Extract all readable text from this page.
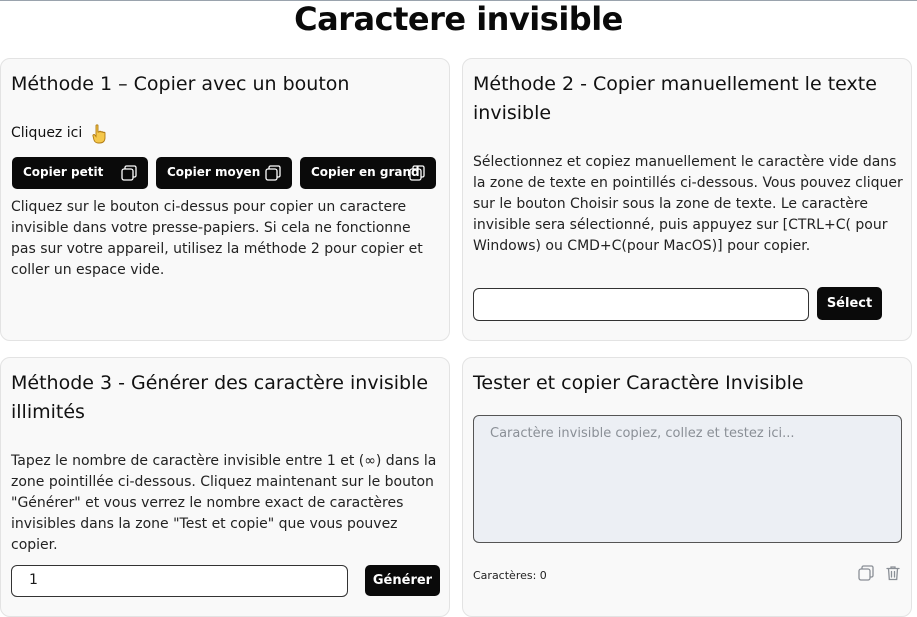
Caractere invisible
Méthode 1 – Copier avec un bouton
Cliquez ici
Copier petit	Copier moyen	Copier en grand
Cliquez sur le bouton ci-dessus pour copier un caractere invisible dans votre presse-papiers. Si cela ne fonctionne pas sur votre appareil, utilisez la méthode 2 pour copier et coller un espace vide.
Méthode 2 - Copier manuellement le texte invisible
Sélectionnez et copiez manuellement le caractère vide dans la zone de texte en pointillés ci-dessous. Vous pouvez cliquer sur le bouton Choisir sous la zone de texte. Le caractère invisible sera sélectionné, puis appuyez sur [CTRL+C( pour Windows) ou CMD+C(pour MacOS)] pour copier.
Sélect
Méthode 3 - Générer des caractère invisible illimités
Tapez le nombre de caractère invisible entre 1 et (∞) dans la zone pointillée ci-dessous. Cliquez maintenant sur le bouton "Générer" et vous verrez le nombre exact de caractères invisibles dans la zone "Test et copie" que vous pouvez copier.
1	Générer
Tester et copier Caractère Invisible
Caractère invisible copiez, collez et testez ici...
Caractères: 0
